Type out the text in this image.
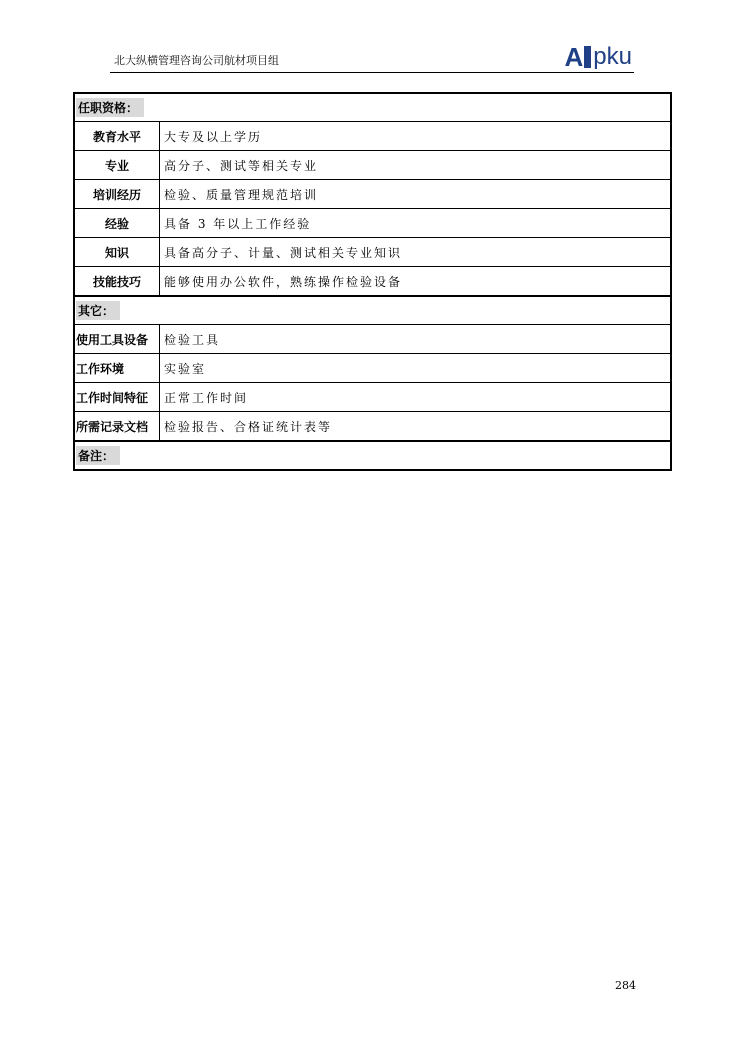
北大纵横管理咨询公司航材项目组	A pku
任职资格：	
教育水平	大专及以上学历
专业	高分子、测试等相关专业
培训经历	检验、质量管理规范培训
经验	具备 3 年以上工作经验
知识	具备高分子、计量、测试相关专业知识
技能技巧	能够使用办公软件，熟练操作检验设备
其它：	
使用工具设备	检验工具
工作环境	实验室
工作时间特征	正常工作时间
所需记录文档	检验报告、合格证统计表等
备注：	
284
